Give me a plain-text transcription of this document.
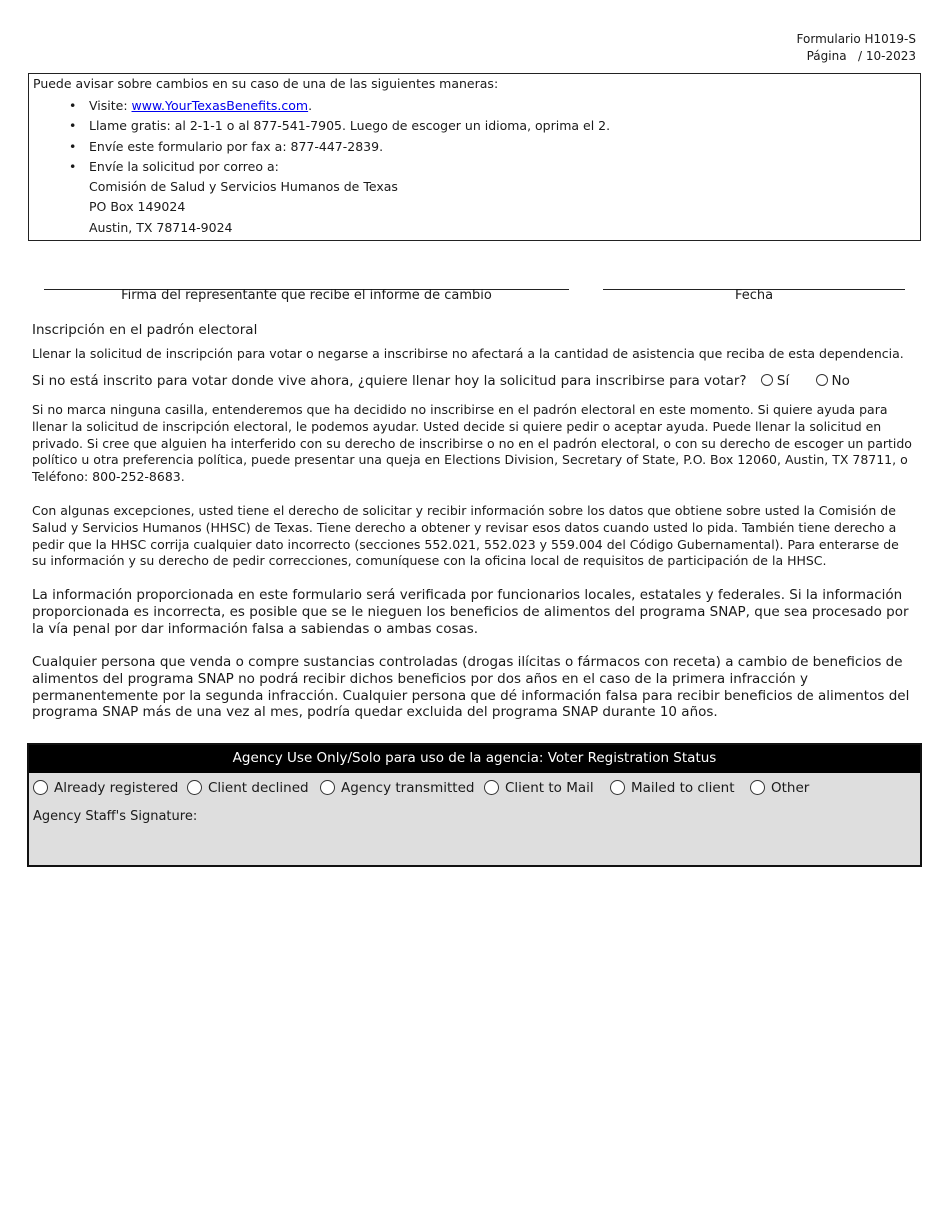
Formulario H1019-S
Página   / 10-2023
Puede avisar sobre cambios en su caso de una de las siguientes maneras:
• Visite: www.YourTexasBenefits.com.
• Llame gratis: al 2-1-1 o al 877-541-7905. Luego de escoger un idioma, oprima el 2.
• Envíe este formulario por fax a: 877-447-2839.
• Envíe la solicitud por correo a:
Comisión de Salud y Servicios Humanos de Texas
PO Box 149024
Austin, TX 78714-9024
Firma del representante que recibe el informe de cambio	Fecha
Inscripción en el padrón electoral
Llenar la solicitud de inscripción para votar o negarse a inscribirse no afectará a la cantidad de asistencia que reciba de esta dependencia.
Si no está inscrito para votar donde vive ahora, ¿quiere llenar hoy la solicitud para inscribirse para votar? Sí	No
Si no marca ninguna casilla, entenderemos que ha decidido no inscribirse en el padrón electoral en este momento. Si quiere ayuda para llenar la solicitud de inscripción electoral, le podemos ayudar. Usted decide si quiere pedir o aceptar ayuda. Puede llenar la solicitud en privado. Si cree que alguien ha interferido con su derecho de inscribirse o no en el padrón electoral, o con su derecho de escoger un partido político u otra preferencia política, puede presentar una queja en Elections Division, Secretary of State, P.O. Box 12060, Austin, TX 78711, o Teléfono: 800-252-8683.
Con algunas excepciones, usted tiene el derecho de solicitar y recibir información sobre los datos que obtiene sobre usted la Comisión de Salud y Servicios Humanos (HHSC) de Texas. Tiene derecho a obtener y revisar esos datos cuando usted lo pida. También tiene derecho a pedir que la HHSC corrija cualquier dato incorrecto (secciones 552.021, 552.023 y 559.004 del Código Gubernamental). Para enterarse de su información y su derecho de pedir correcciones, comuníquese con la oficina local de requisitos de participación de la HHSC.
La información proporcionada en este formulario será verificada por funcionarios locales, estatales y federales. Si la información proporcionada es incorrecta, es posible que se le nieguen los beneficios de alimentos del programa SNAP, que sea procesado por la vía penal por dar información falsa a sabiendas o ambas cosas.
Cualquier persona que venda o compre sustancias controladas (drogas ilícitas o fármacos con receta) a cambio de beneficios de alimentos del programa SNAP no podrá recibir dichos beneficios por dos años en el caso de la primera infracción y permanentemente por la segunda infracción. Cualquier persona que dé información falsa para recibir beneficios de alimentos del programa SNAP más de una vez al mes, podría quedar excluida del programa SNAP durante 10 años.
Agency Use Only/Solo para uso de la agencia: Voter Registration Status
Already registered	Client declined	Agency transmitted	Client to Mail	Mailed to client	Other
Agency Staff's Signature:
